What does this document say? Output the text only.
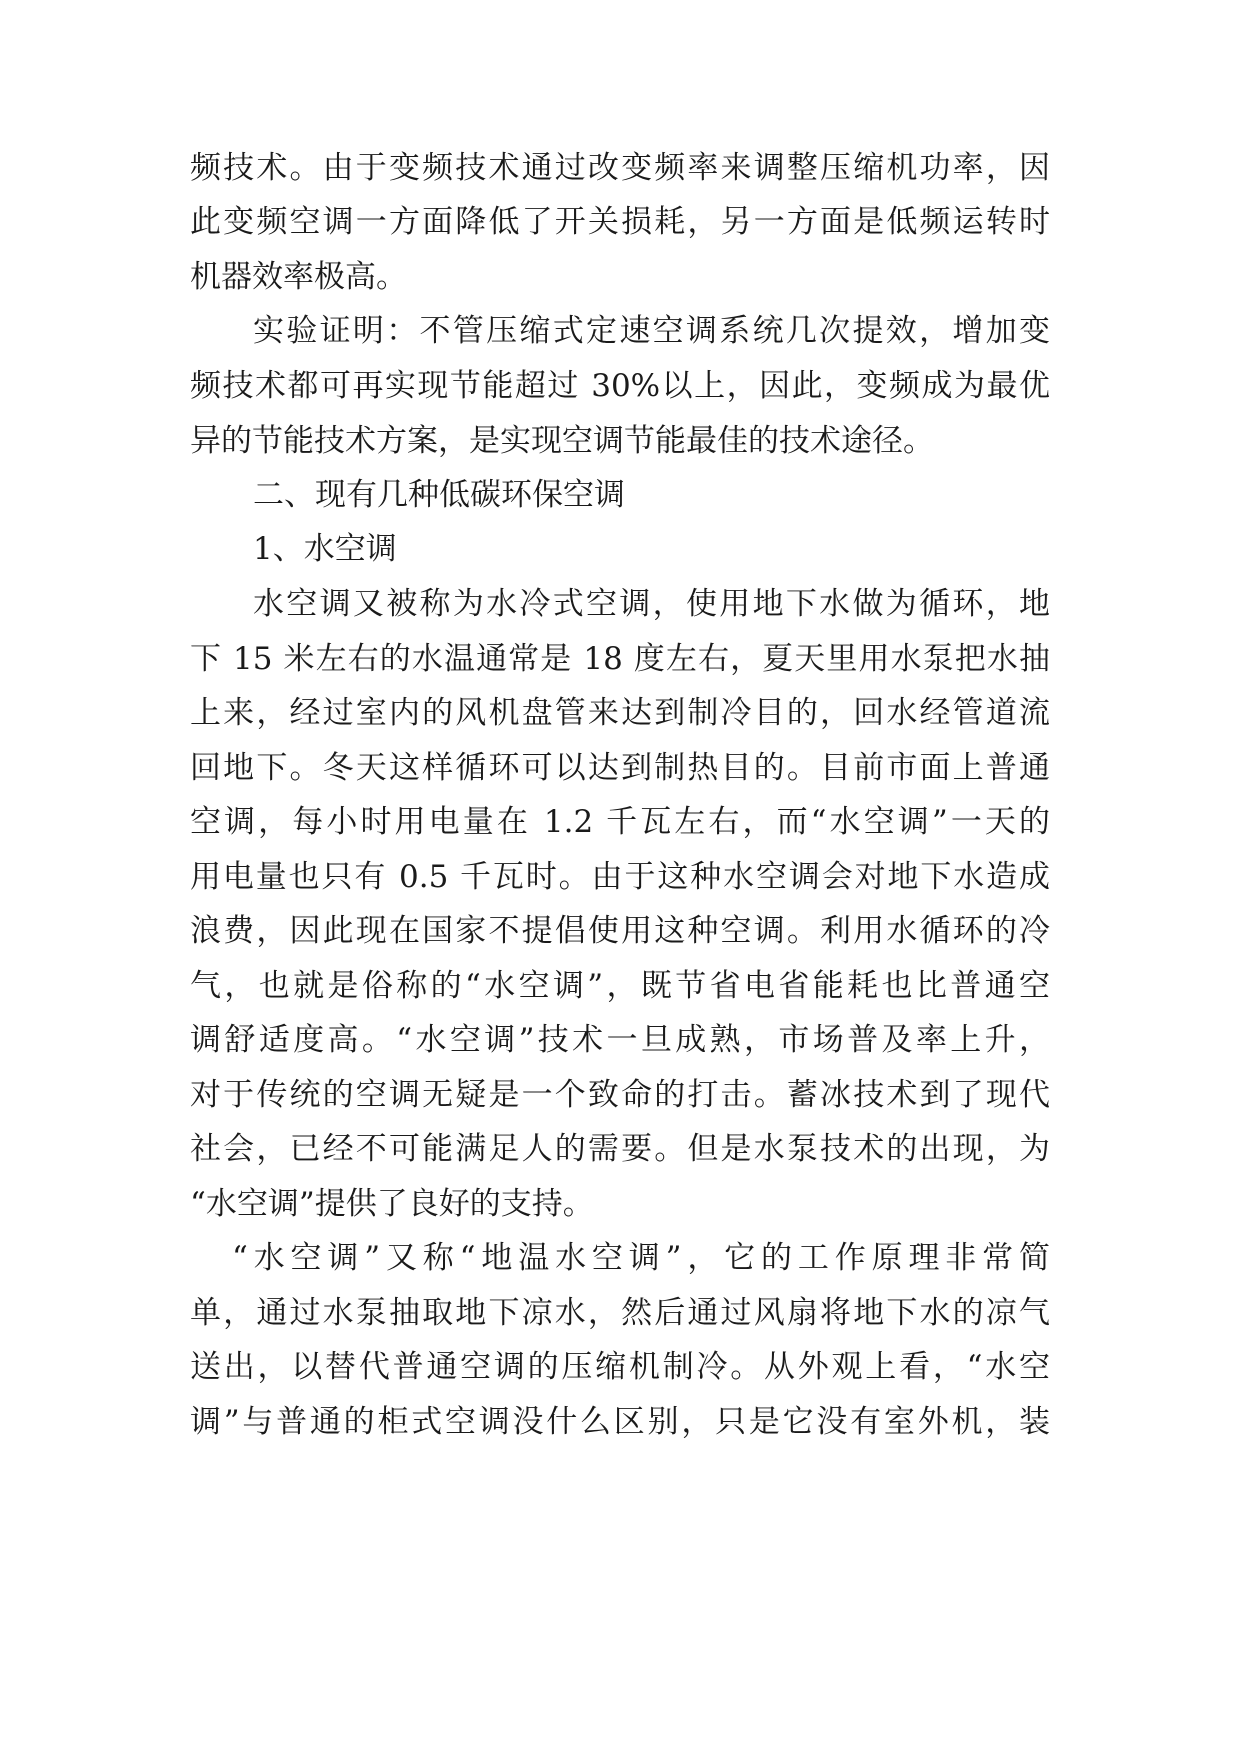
频技术。由于变频技术通过改变频率来调整压缩机功率，因
此变频空调一方面降低了开关损耗，另一方面是低频运转时
机器效率极高。
实验证明：不管压缩式定速空调系统几次提效，增加变
频技术都可再实现节能超过 30%以上，因此，变频成为最优
异的节能技术方案，是实现空调节能最佳的技术途径。
二、现有几种低碳环保空调
1、水空调
水空调又被称为水冷式空调，使用地下水做为循环，地
下 15 米左右的水温通常是 18 度左右，夏天里用水泵把水抽
上来，经过室内的风机盘管来达到制冷目的，回水经管道流
回地下。冬天这样循环可以达到制热目的。目前市面上普通
空调，每小时用电量在 1.2 千瓦左右，而“水空调”一天的
用电量也只有 0.5 千瓦时。由于这种水空调会对地下水造成
浪费，因此现在国家不提倡使用这种空调。利用水循环的冷
气，也就是俗称的“水空调”，既节省电省能耗也比普通空
调舒适度高。“水空调”技术一旦成熟，市场普及率上升，
对于传统的空调无疑是一个致命的打击。蓄冰技术到了现代
社会，已经不可能满足人的需要。但是水泵技术的出现，为
“水空调”提供了良好的支持。
“水空调”又称“地温水空调”，它的工作原理非常简
单，通过水泵抽取地下凉水，然后通过风扇将地下水的凉气
送出，以替代普通空调的压缩机制冷。从外观上看，“水空
调”与普通的柜式空调没什么区别，只是它没有室外机，装
